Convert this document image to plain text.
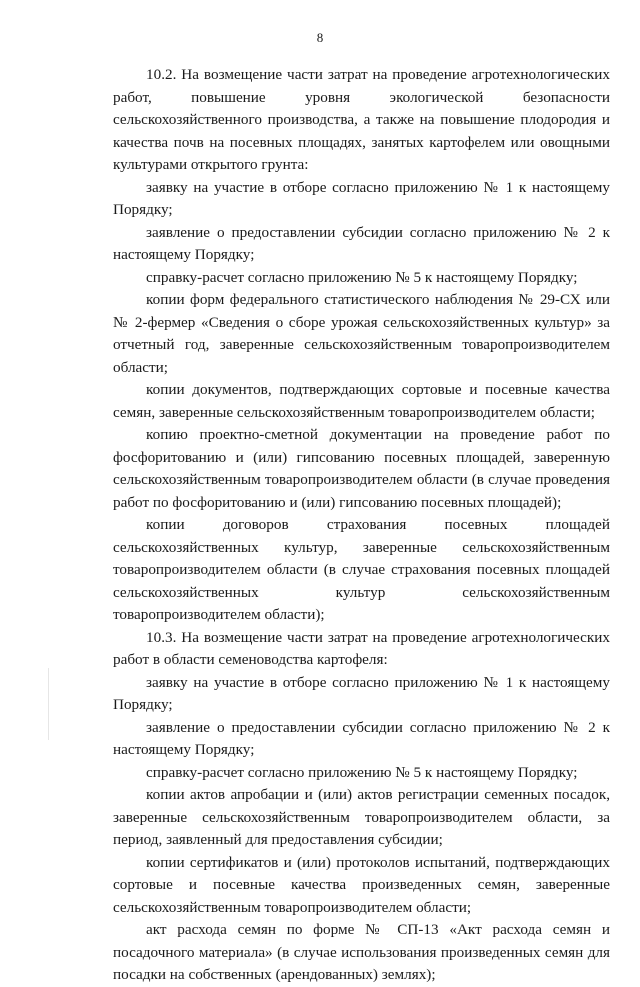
8

10.2. На возмещение части затрат на проведение агротехнологических работ, повышение уровня экологической безопасности сельскохозяйственного производства, а также на повышение плодородия и качества почв на посевных площадях, занятых картофелем или овощными культурами открытого грунта:

заявку на участие в отборе согласно приложению № 1 к настоящему Порядку;

заявление о предоставлении субсидии согласно приложению № 2 к настоящему Порядку;

справку-расчет согласно приложению № 5 к настоящему Порядку;

копии форм федерального статистического наблюдения № 29-СХ или № 2-фермер «Сведения о сборе урожая сельскохозяйственных культур» за отчетный год, заверенные сельскохозяйственным товаропроизводителем области;

копии документов, подтверждающих сортовые и посевные качества семян, заверенные сельскохозяйственным товаропроизводителем области;

копию проектно-сметной документации на проведение работ по фосфоритованию и (или) гипсованию посевных площадей, заверенную сельскохозяйственным товаропроизводителем области (в случае проведения работ по фосфоритованию и (или) гипсованию посевных площадей);

копии договоров страхования посевных площадей сельскохозяйственных культур, заверенные сельскохозяйственным товаропроизводителем области (в случае страхования посевных площадей сельскохозяйственных культур сельскохозяйственным товаропроизводителем области);

10.3. На возмещение части затрат на проведение агротехнологических работ в области семеноводства картофеля:

заявку на участие в отборе согласно приложению № 1 к настоящему Порядку;

заявление о предоставлении субсидии согласно приложению № 2 к настоящему Порядку;

справку-расчет согласно приложению № 5 к настоящему Порядку;

копии актов апробации и (или) актов регистрации семенных посадок, заверенные сельскохозяйственным товаропроизводителем области, за период, заявленный для предоставления субсидии;

копии сертификатов и (или) протоколов испытаний, подтверждающих сортовые и посевные качества произведенных семян, заверенные сельскохозяйственным товаропроизводителем области;

акт расхода семян по форме № СП-13 «Акт расхода семян и посадочного материала» (в случае использования произведенных семян для посадки на собственных (арендованных) землях);
